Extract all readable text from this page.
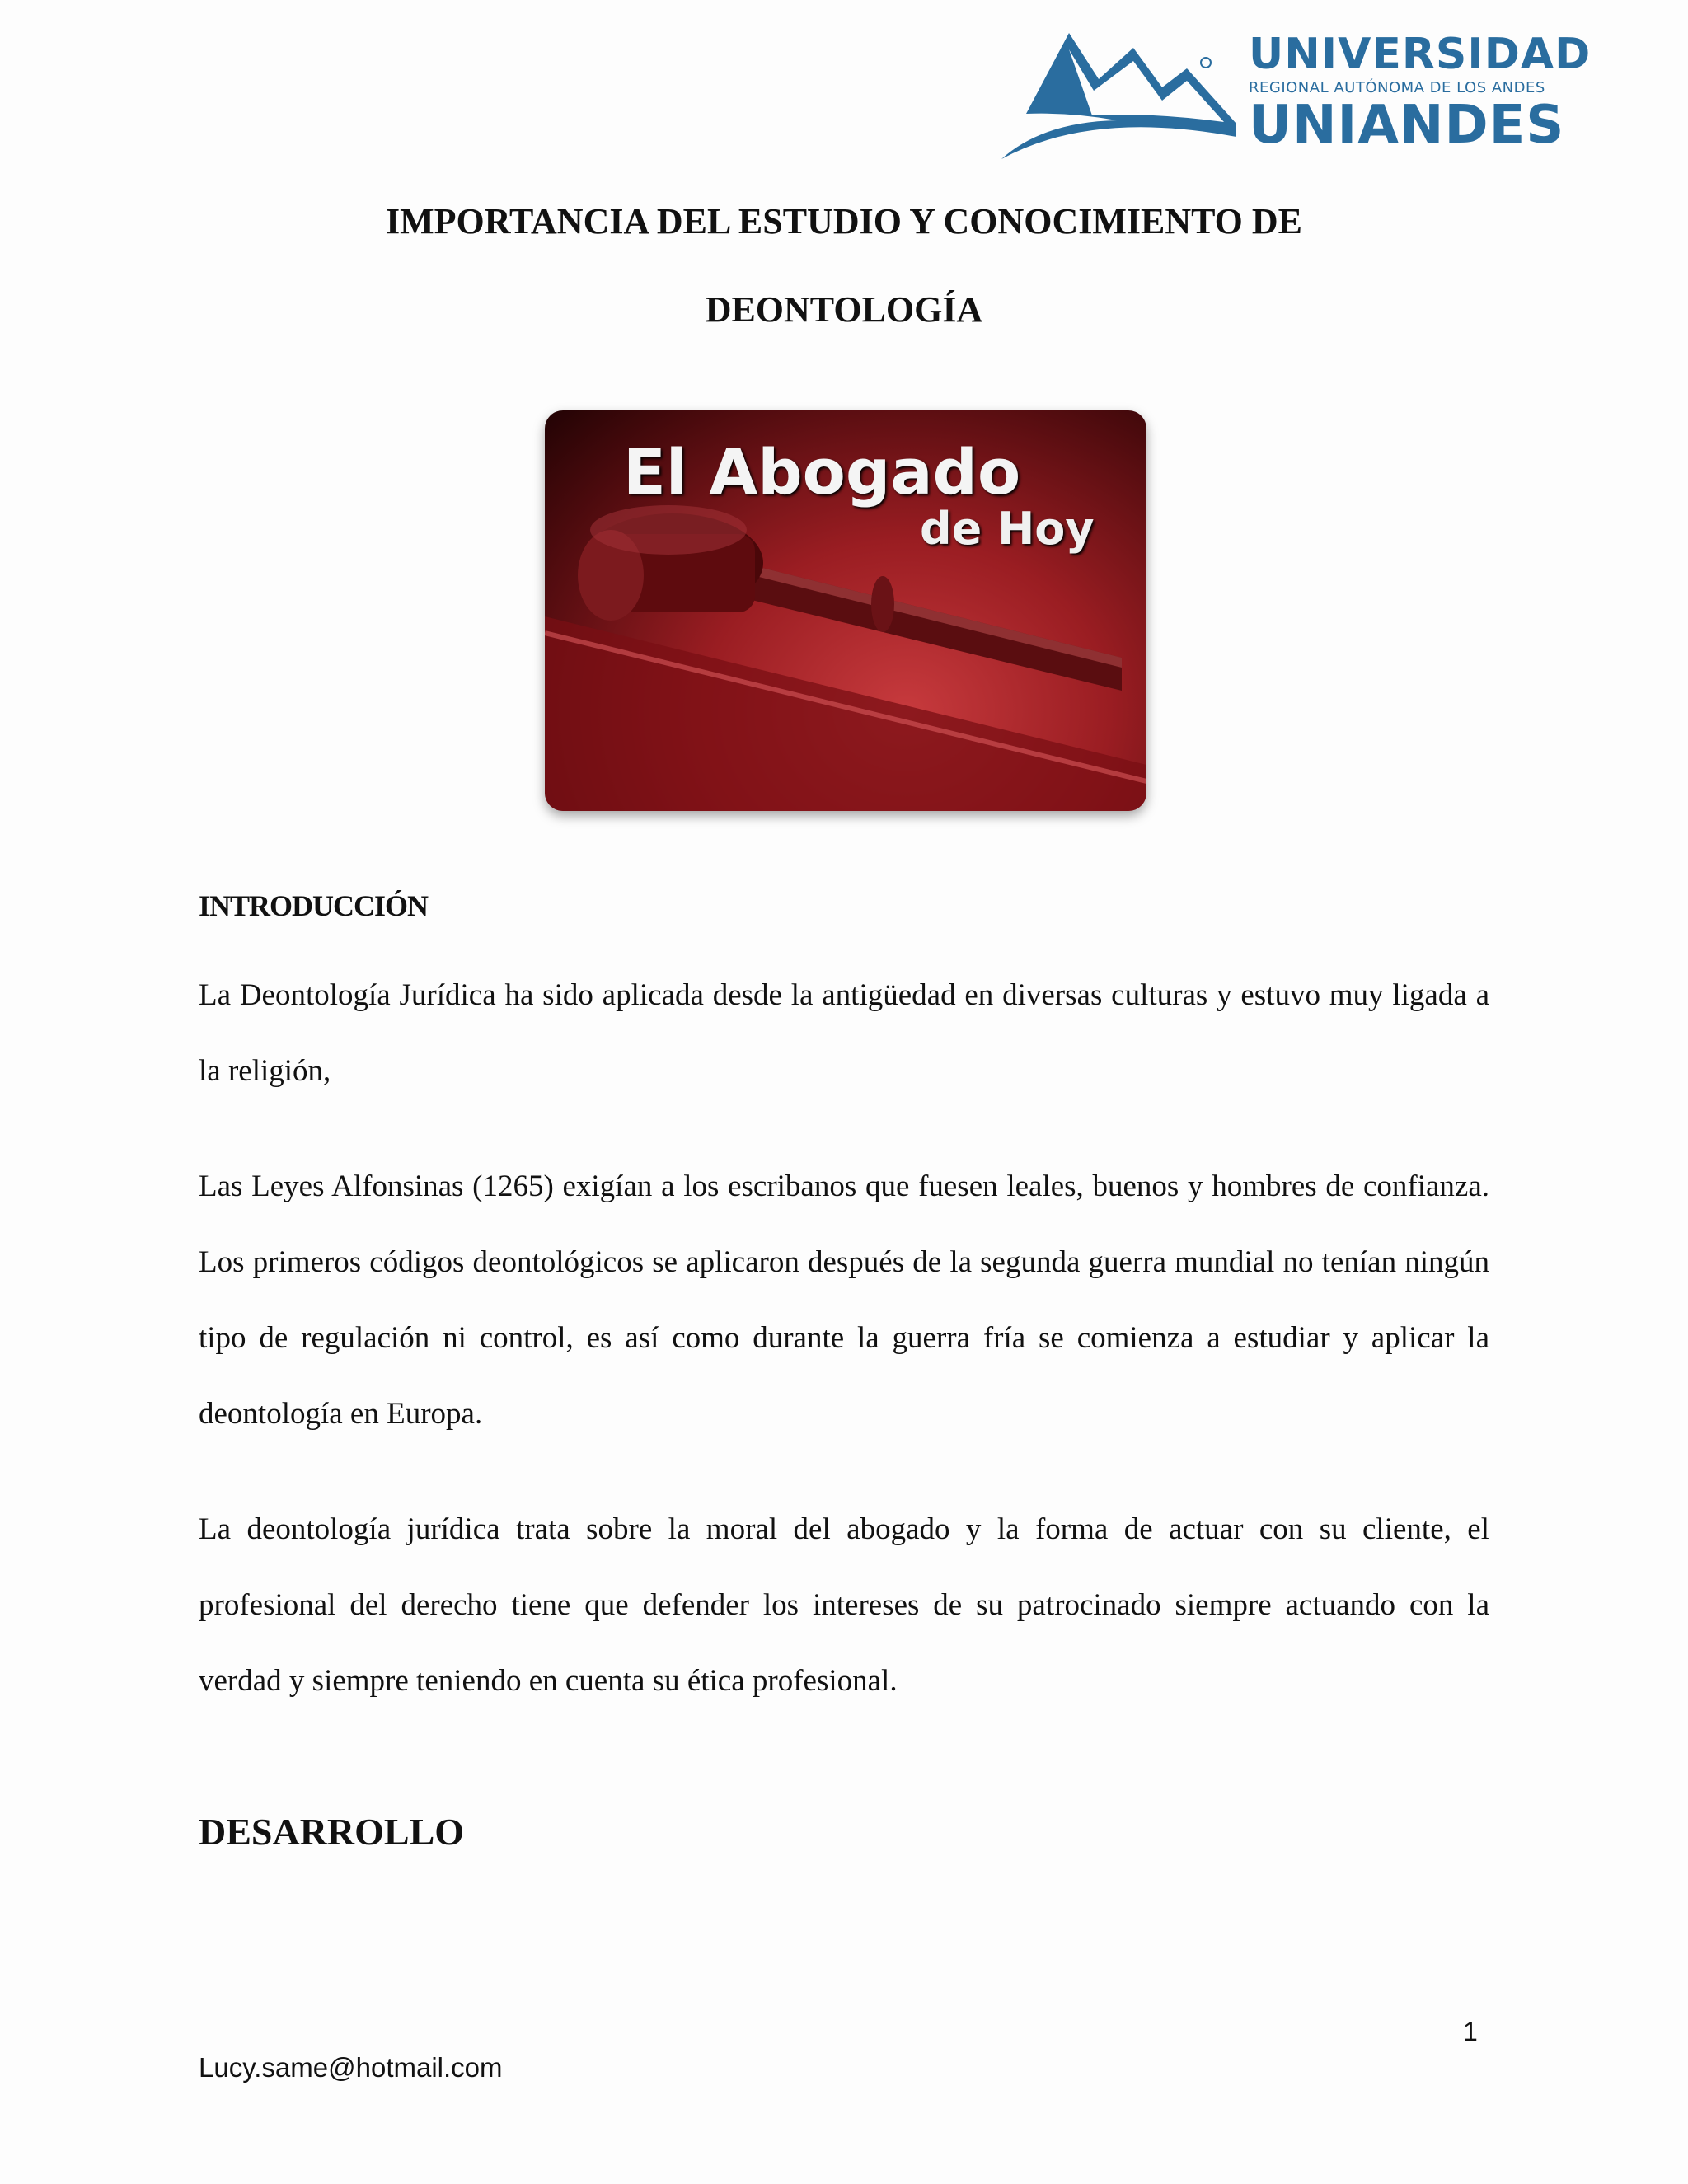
UNIVERSIDAD
REGIONAL AUTÓNOMA DE LOS ANDES
UNIANDES
IMPORTANCIA DEL ESTUDIO Y CONOCIMIENTO DE
DEONTOLOGÍA
El Abogado
de Hoy
INTRODUCCIÓN
La Deontología Jurídica ha sido aplicada desde la antigüedad en diversas culturas y estuvo muy ligada a la religión,
Las Leyes Alfonsinas (1265) exigían a los escribanos que fuesen leales, buenos y hombres de confianza. Los primeros códigos deontológicos se aplicaron después de la segunda guerra mundial no tenían ningún tipo de regulación ni control, es así como durante la guerra fría se comienza a estudiar y aplicar la deontología en Europa.
La deontología jurídica trata sobre la moral del abogado y la forma de actuar con su cliente, el profesional del derecho tiene que defender los intereses de su patrocinado siempre actuando con la verdad y siempre teniendo en cuenta su ética profesional.
DESARROLLO
1
Lucy.same@hotmail.com
